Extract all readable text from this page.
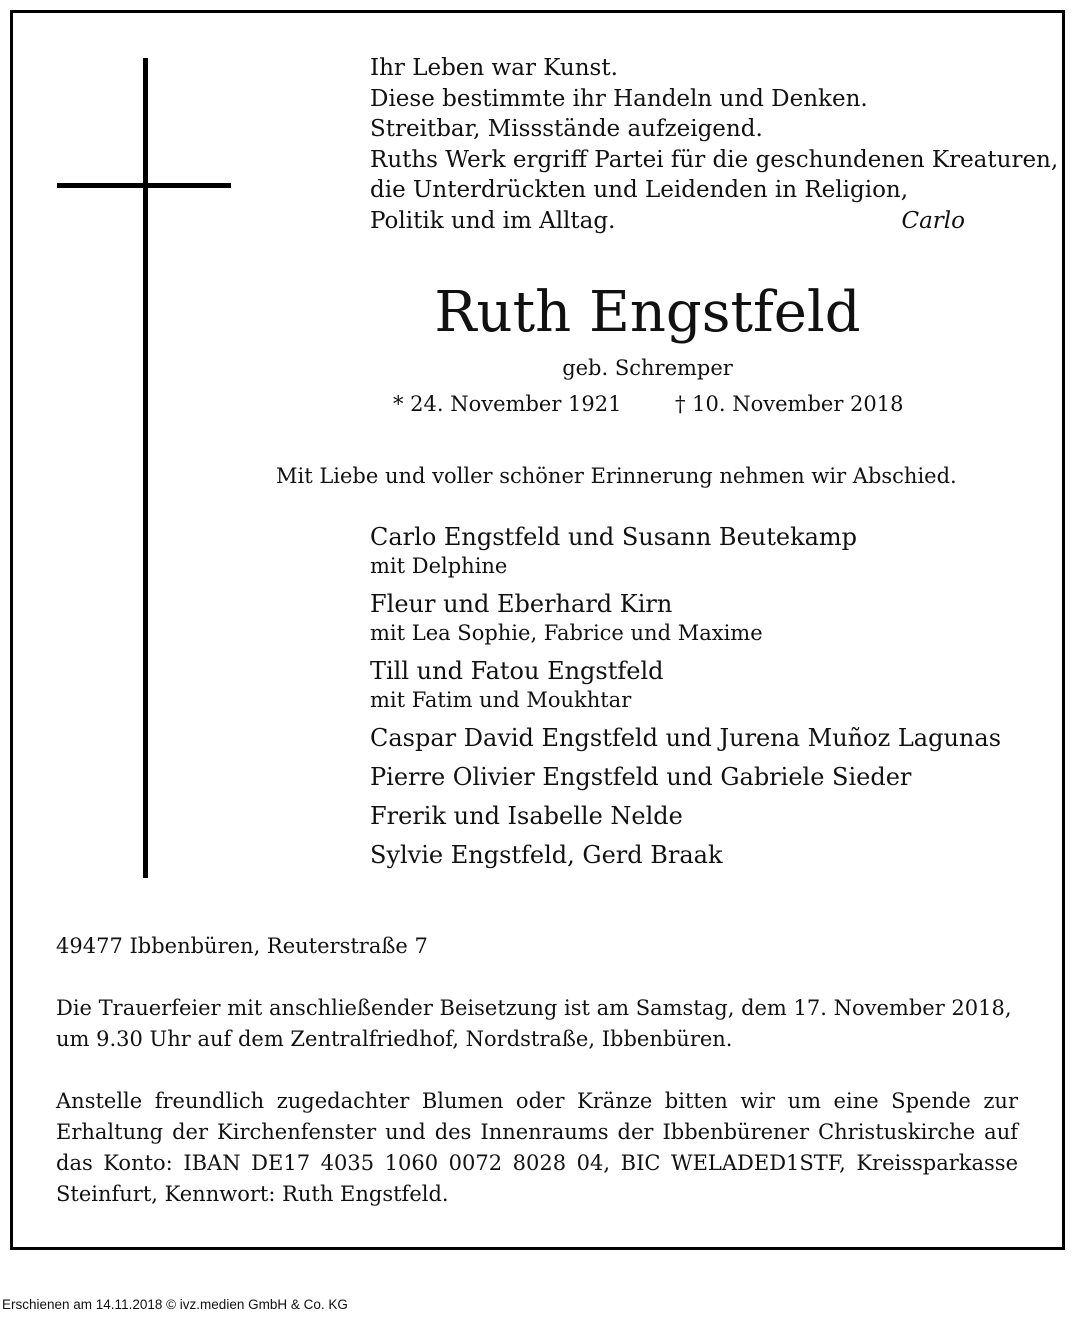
Ihr Leben war Kunst.
Diese bestimmte ihr Handeln und Denken.
Streitbar, Missstände aufzeigend.
Ruths Werk ergriff Partei für die geschundenen Kreaturen,
die Unterdrückten und Leidenden in Religion,
Politik und im Alltag.	Carlo
Ruth Engstfeld
geb. Schremper
* 24. November 1921	† 10. November 2018
Mit Liebe und voller schöner Erinnerung nehmen wir Abschied.
Carlo Engstfeld und Susann Beutekamp
mit Delphine
Fleur und Eberhard Kirn
mit Lea Sophie, Fabrice und Maxime
Till und Fatou Engstfeld
mit Fatim und Moukhtar
Caspar David Engstfeld und Jurena Muñoz Lagunas
Pierre Olivier Engstfeld und Gabriele Sieder
Frerik und Isabelle Nelde
Sylvie Engstfeld, Gerd Braak
49477 Ibbenbüren, Reuterstraße 7
Die Trauerfeier mit anschließender Beisetzung ist am Samstag, dem 17. November 2018, um 9.30 Uhr auf dem Zentralfriedhof, Nordstraße, Ibbenbüren.
Anstelle freundlich zugedachter Blumen oder Kränze bitten wir um eine Spende zur Erhaltung der Kirchenfenster und des Innenraums der Ibbenbürener Christuskirche auf das Konto: IBAN DE17 4035 1060 0072 8028 04, BIC WELADED1STF, Kreissparkasse Steinfurt, Kennwort: Ruth Engstfeld.
Erschienen am 14.11.2018 © ivz.medien GmbH & Co. KG
